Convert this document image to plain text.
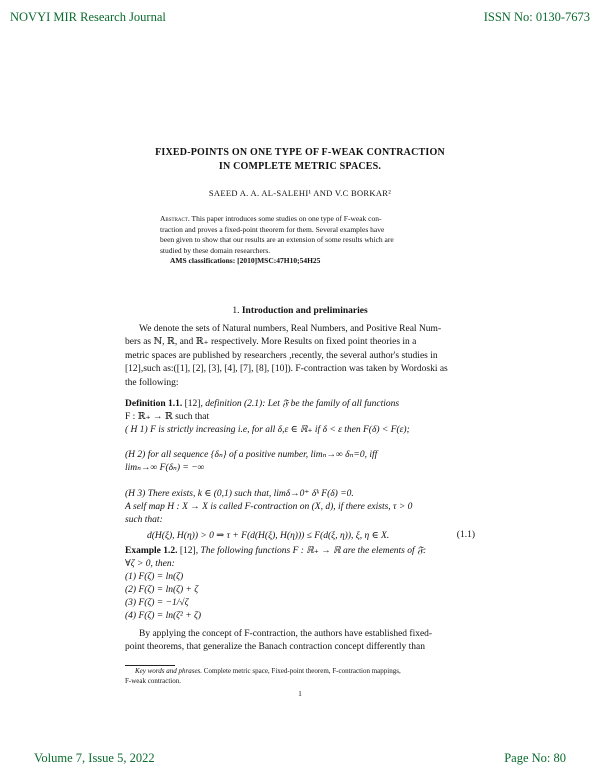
NOVYI MIR Research Journal	ISSN No: 0130-7673
FIXED-POINTS ON ONE TYPE OF F-WEAK CONTRACTION
IN COMPLETE METRIC SPACES.
SAEED A. A. AL-SALEHI¹ AND V.C BORKAR²
Abstract. This paper introduces some studies on one type of F-weak con-
traction and proves a fixed-point theorem for them. Several examples have
been given to show that our results are an extension of some results which are
studied by these domain researchers.
AMS classifications: [2010]MSC:47H10;54H25
1. Introduction and preliminaries
We denote the sets of Natural numbers, Real Numbers, and Positive Real Num-
bers as ℕ, ℝ, and ℝ₊ respectively. More Results on fixed point theories in a
metric spaces are published by researchers ,recently, the several author's studies in
[12],such as:([1], [2], [3], [4], [7], [8], [10]). F-contraction was taken by Wordoski as
the following:
Definition 1.1. [12], definition (2.1): Let 𝔉 be the family of all functions
F : ℝ₊ → ℝ such that
( H 1) F is strictly increasing i.e, for all δ,ε ∈ ℝ₊ if δ < ε then F(δ) < F(ε);
(H 2) for all sequence {δₙ} of a positive number, limₙ→∞ δₙ=0, iff
limₙ→∞ F(δₙ) = −∞
(H 3) There exists, k ∈ (0,1) such that, limδ→0⁺ δᵏ F(δ) =0.
A self map H : X → X is called F-contraction on (X, d), if there exists, τ > 0
such that:
d(H(ξ), H(η)) > 0 ⇒ τ + F(d(H(ξ), H(η))) ≤ F(d(ξ, η)), ξ, η ∈ X.	(1.1)
Example 1.2. [12], The following functions F : ℝ₊ → ℝ are the elements of 𝔉:
∀ζ > 0, then:
(1) F(ζ) = ln(ζ)
(2) F(ζ) = ln(ζ) + ζ
(3) F(ζ) = −1/√ζ
(4) F(ζ) = ln(ζ² + ζ)
By applying the concept of F-contraction, the authors have established fixed-
point theorems, that generalize the Banach contraction concept differently than
Key words and phrases. Complete metric space, Fixed-point theorem, F-contraction mappings,
F-weak contraction.
1
Volume 7, Issue 5, 2022	Page No: 80
